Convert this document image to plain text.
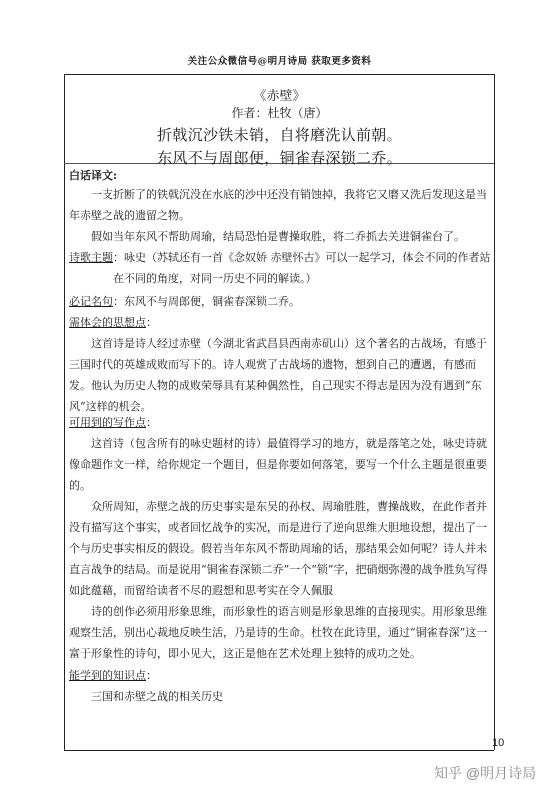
关注公众微信号@明月诗局 获取更多资料
《赤壁》
作者：杜牧（唐）
折戟沉沙铁未销，自将磨洗认前朝。
东风不与周郎便，铜雀春深锁二乔。
白话译文:

一支折断了的铁戟沉没在水底的沙中还没有销蚀掉，我将它又磨又洗后发现这是当年赤壁之战的遗留之物。

假如当年东风不帮助周瑜，结局恐怕是曹操取胜，将二乔抓去关进铜雀台了。

诗歌主题：咏史（苏轼还有一首《念奴娇 赤壁怀古》可以一起学习，体会不同的作者站在不同的角度，对同一历史不同的解读。）
必记名句：东风不与周郎便，铜雀春深锁二乔。
需体会的思想点：

这首诗是诗人经过赤壁（今湖北省武昌县西南赤矶山）这个著名的古战场，有感于三国时代的英雄成败而写下的。诗人观赏了古战场的遗物，想到自己的遭遇，有感而发。他认为历史人物的成败荣辱具有某种偶然性，自己现实不得志是因为没有遇到“东风”这样的机会。

可用到的写作点：

这首诗（包含所有的咏史题材的诗）最值得学习的地方，就是落笔之处，咏史诗就像命题作文一样，给你规定一个题目，但是你要如何落笔，要写一个什么主题是很重要的。

众所周知，赤壁之战的历史事实是东吴的孙权、周瑜胜胜，曹操战败，在此作者并没有描写这个事实，或者回忆战争的实况，而是进行了逆向思维大胆地设想，提出了一个与历史事实相反的假设。假若当年东风不帮助周瑜的话，那结果会如何呢？诗人并未直言战争的结局。而是说用“铜雀春深锁二乔”一个“锁”字，把硝烟弥漫的战争胜负写得如此蕴藉，而留给读者不尽的遐想和思考实在令人佩服

诗的创作必须用形象思维，而形象性的语言则是形象思维的直接现实。用形象思维观察生活，别出心裁地反映生活，乃是诗的生命。杜牧在此诗里，通过“铜雀春深”这一富于形象性的诗句，即小见大，这正是他在艺术处理上独特的成功之处。

能学到的知识点：

三国和赤壁之战的相关历史

10
知乎 @明月诗局
